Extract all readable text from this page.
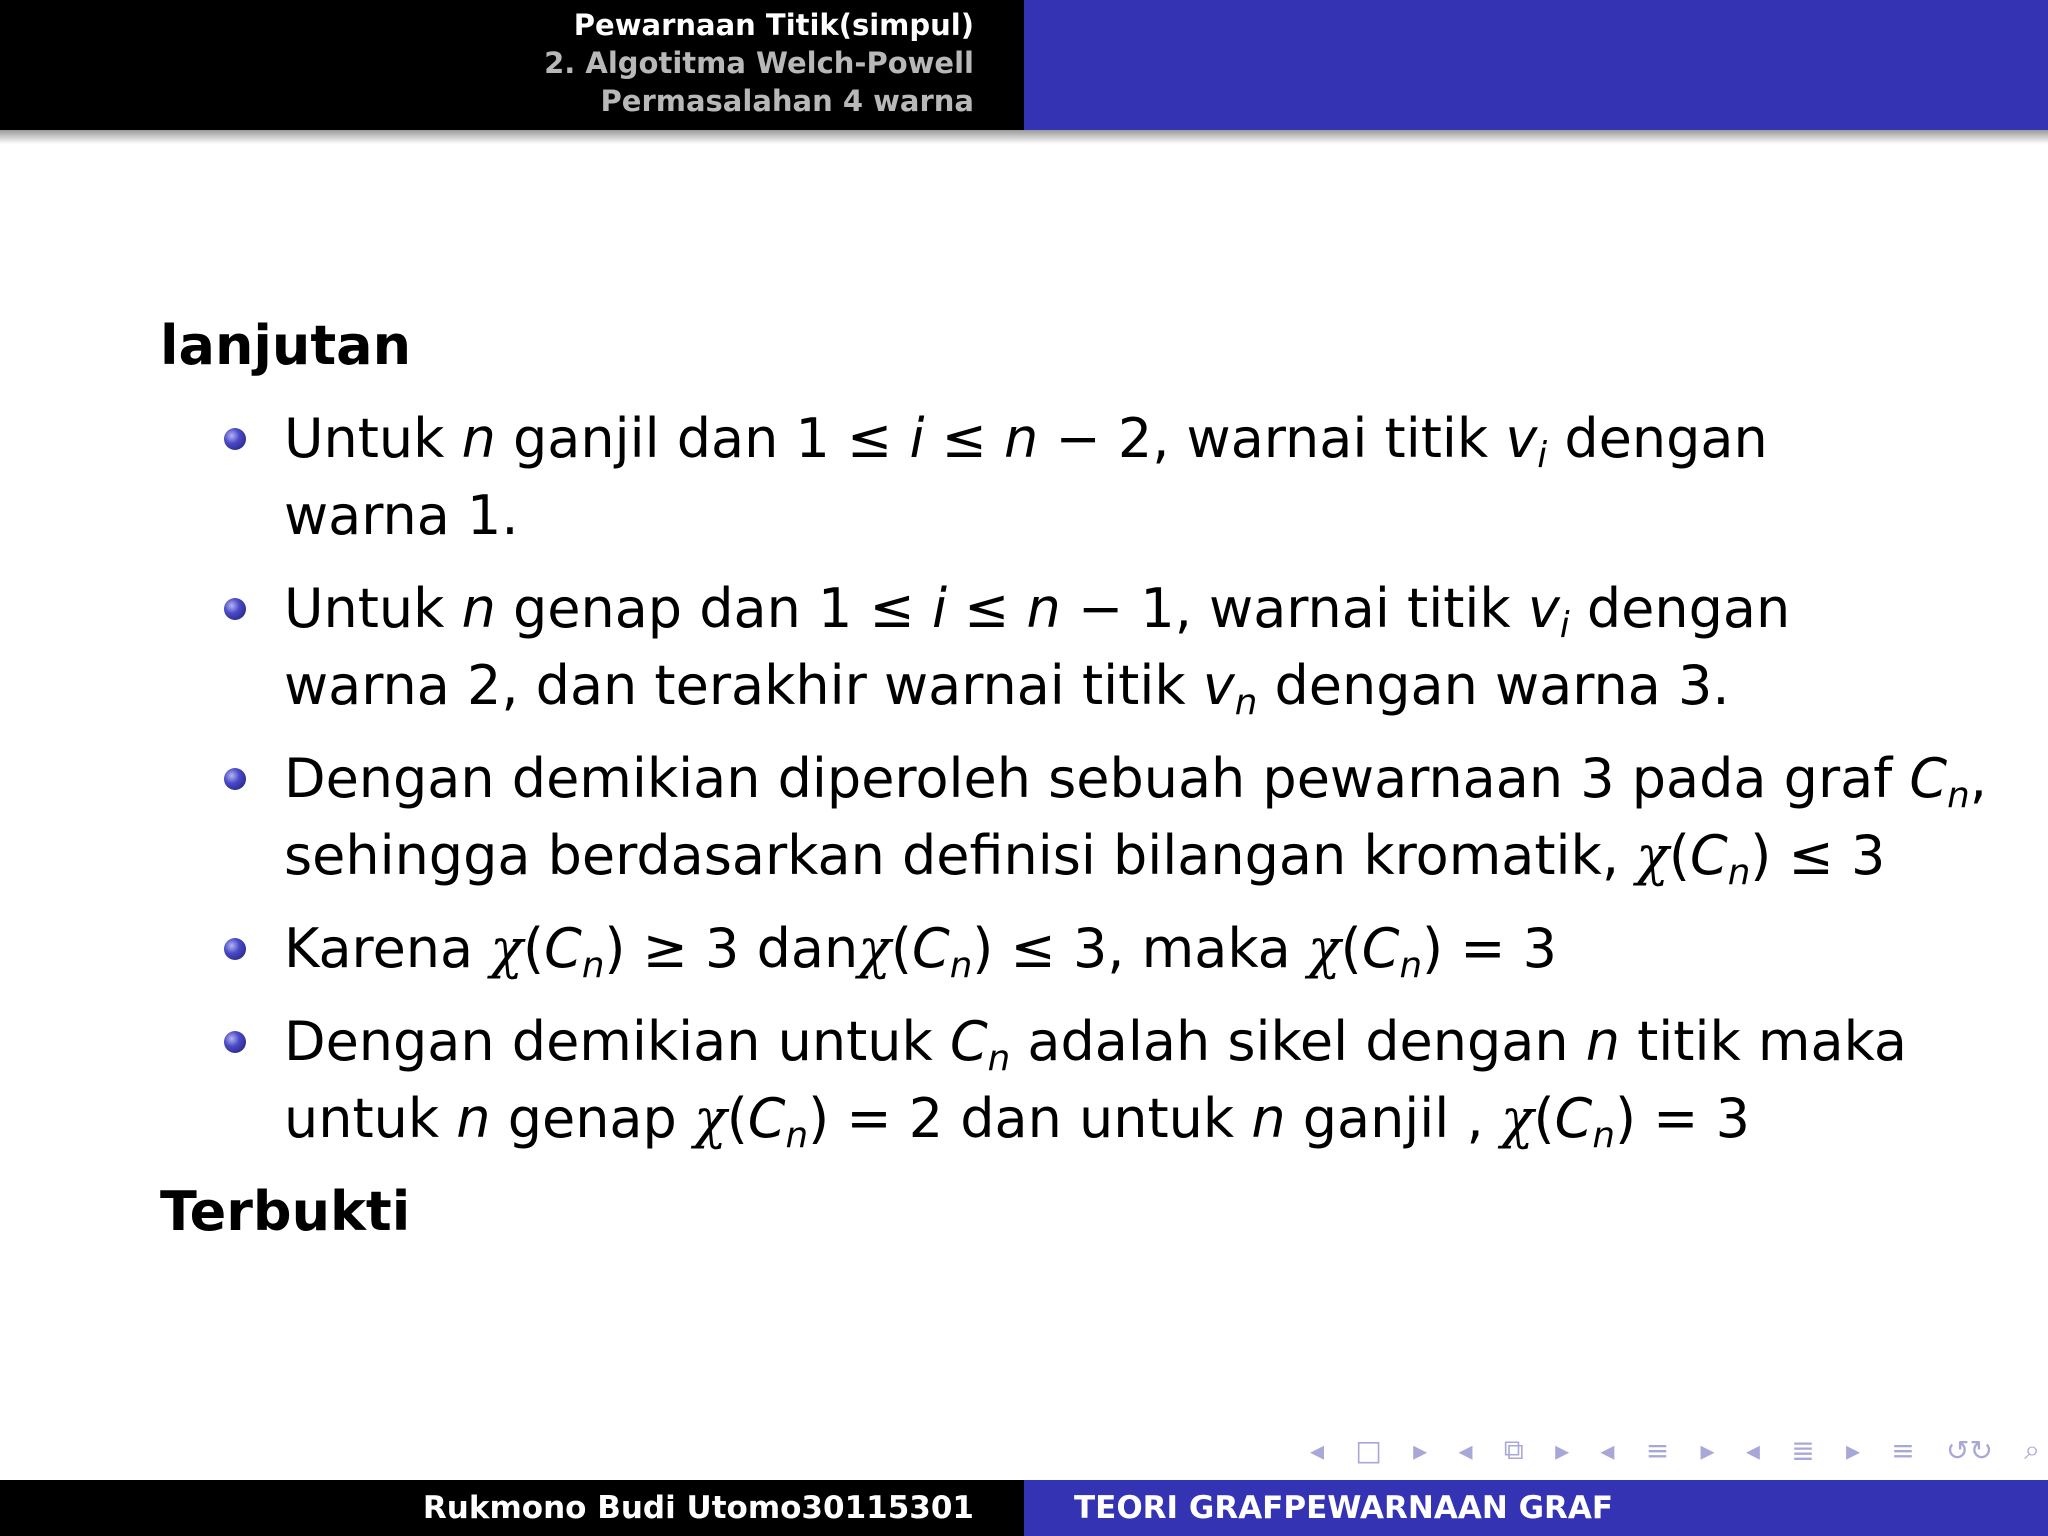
Pewarnaan Titik(simpul)
2. Algotitma Welch-Powell
Permasalahan 4 warna
lanjutan
Untuk n ganjil dan 1 ≤ i ≤ n − 2, warnai titik $v_i$ dengan
warna 1.
Untuk n genap dan 1 ≤ i ≤ n − 1, warnai titik $v_i$ dengan
warna 2, dan terakhir warnai titik $v_n$ dengan warna 3.
Dengan demikian diperoleh sebuah pewarnaan 3 pada graf $C_n$,
sehingga berdasarkan definisi bilangan kromatik, $\chi(C_n) \le 3$
Karena $\chi(C_n) \ge 3$ $dan\chi(C_n) \le 3$, maka $\chi(C_n) = 3$
Dengan demikian untuk $C_n$ adalah sikel dengan n titik maka
untuk n genap $\chi(C_n) = 2$ dan untuk n ganjil , $\chi(C_n) = 3$
Terbukti
◂ □ ▸ ◂ ⧉ ▸ ◂ ≡ ▸ ◂ ≣ ▸ ≡ ↺↻ ⌕
Rukmono Budi Utomo30115301	TEORI GRAFPEWARNAAN GRAF
